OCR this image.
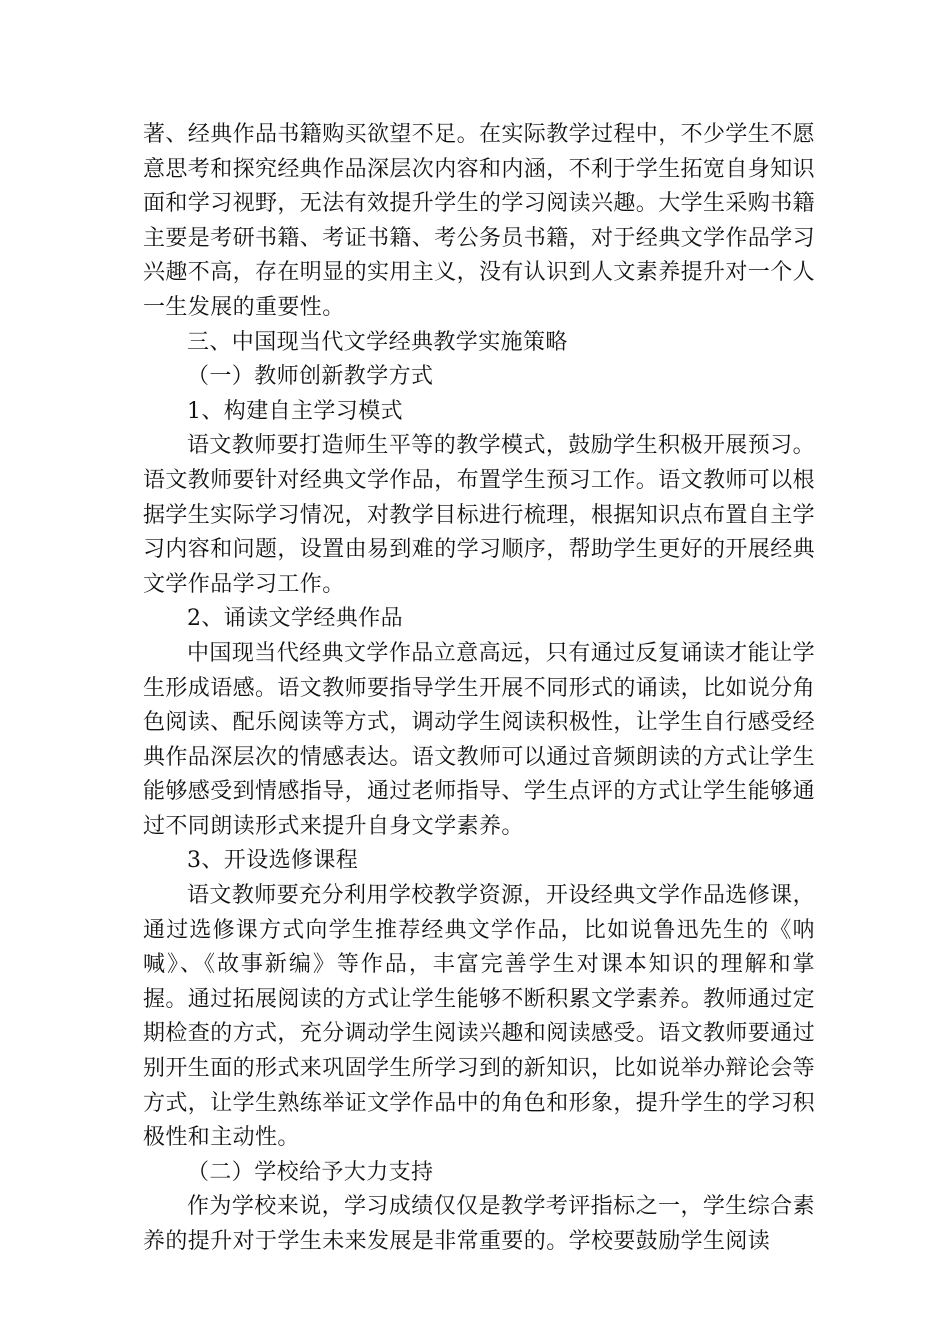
著、经典作品书籍购买欲望不足。在实际教学过程中，不少学生不愿意思考和探究经典作品深层次内容和内涵，不利于学生拓宽自身知识面和学习视野，无法有效提升学生的学习阅读兴趣。大学生采购书籍主要是考研书籍、考证书籍、考公务员书籍，对于经典文学作品学习兴趣不高，存在明显的实用主义，没有认识到人文素养提升对一个人一生发展的重要性。

三、中国现当代文学经典教学实施策略

（一）教师创新教学方式

1、构建自主学习模式

语文教师要打造师生平等的教学模式，鼓励学生积极开展预习。语文教师要针对经典文学作品，布置学生预习工作。语文教师可以根据学生实际学习情况，对教学目标进行梳理，根据知识点布置自主学习内容和问题，设置由易到难的学习顺序，帮助学生更好的开展经典文学作品学习工作。

2、诵读文学经典作品

中国现当代经典文学作品立意高远，只有通过反复诵读才能让学生形成语感。语文教师要指导学生开展不同形式的诵读，比如说分角色阅读、配乐阅读等方式，调动学生阅读积极性，让学生自行感受经典作品深层次的情感表达。语文教师可以通过音频朗读的方式让学生能够感受到情感指导，通过老师指导、学生点评的方式让学生能够通过不同朗读形式来提升自身文学素养。

3、开设选修课程

语文教师要充分利用学校教学资源，开设经典文学作品选修课，通过选修课方式向学生推荐经典文学作品，比如说鲁迅先生的《呐喊》、《故事新编》等作品，丰富完善学生对课本知识的理解和掌握。通过拓展阅读的方式让学生能够不断积累文学素养。教师通过定期检查的方式，充分调动学生阅读兴趣和阅读感受。语文教师要通过别开生面的形式来巩固学生所学习到的新知识，比如说举办辩论会等方式，让学生熟练举证文学作品中的角色和形象，提升学生的学习积极性和主动性。

（二）学校给予大力支持

作为学校来说，学习成绩仅仅是教学考评指标之一，学生综合素养的提升对于学生未来发展是非常重要的。学校要鼓励学生阅读
